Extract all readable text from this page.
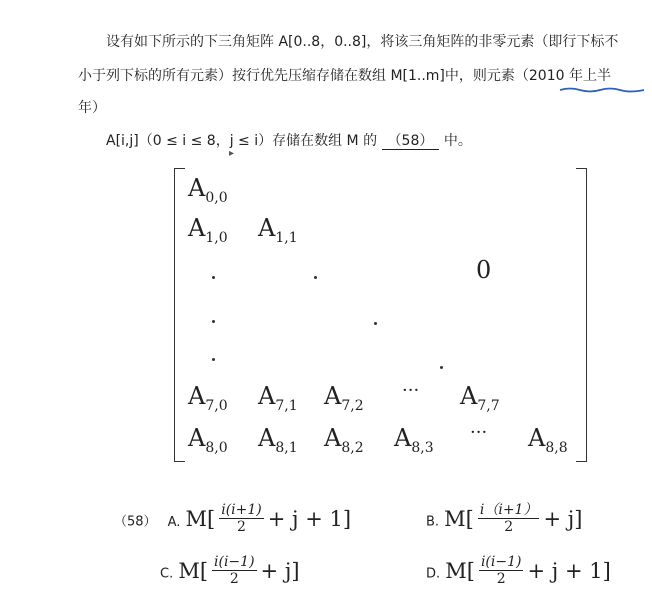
设有如下所示的下三角矩阵 A[0..8，0..8]，将该三角矩阵的非零元素（即行下标不
小于列下标的所有元素）按行优先压缩存储在数组 M[1..m]中，则元素（2010 年上半
年）
A[i,j]（0 ≤ i ≤ 8，j ≤ i）存储在数组 M 的 （58） 中。
▸
$A_{0,0}$
$A_{1,0}$ $A_{1,1}$
0
$A_{7,0}$ $A_{7,1}$ $A_{7,2}$
··· $A_{7,7}$
$A_{8,0}$ $A_{8,1}$ $A_{8,2}$ $A_{8,3}$
··· $A_{8,8}$
（58） A. $M[ \frac{i(i+1)}{2} + j + 1]$	B. $M[ \frac{i(i+1)}{2} + j]$
C. $M[ \frac{i(i-1)}{2} + j]$	D. $M[ \frac{i(i-1)}{2} + j + 1]$
